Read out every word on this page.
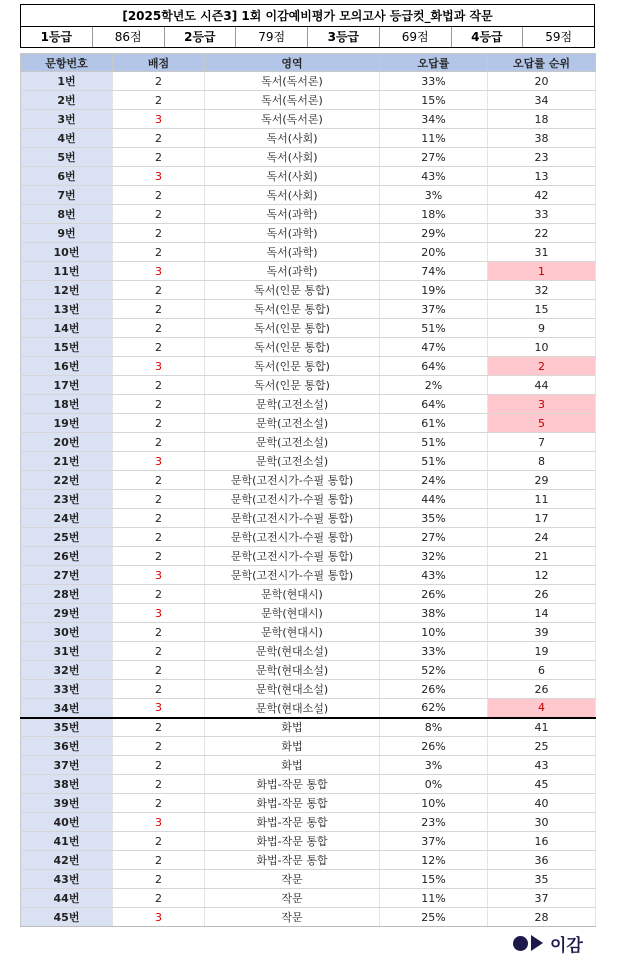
[2025학년도 시즌3] 1회 이감예비평가 모의고사 등급컷_화법과 작문
1등급	86점	2등급	79점	3등급	69점	4등급	59점
문항번호	배점	영역	오답률	오답률 순위
1번	2	독서(독서론)	33%	20
2번	2	독서(독서론)	15%	34
3번	3	독서(독서론)	34%	18
4번	2	독서(사회)	11%	38
5번	2	독서(사회)	27%	23
6번	3	독서(사회)	43%	13
7번	2	독서(사회)	3%	42
8번	2	독서(과학)	18%	33
9번	2	독서(과학)	29%	22
10번	2	독서(과학)	20%	31
11번	3	독서(과학)	74%	1
12번	2	독서(인문 통합)	19%	32
13번	2	독서(인문 통합)	37%	15
14번	2	독서(인문 통합)	51%	9
15번	2	독서(인문 통합)	47%	10
16번	3	독서(인문 통합)	64%	2
17번	2	독서(인문 통합)	2%	44
18번	2	문학(고전소설)	64%	3
19번	2	문학(고전소설)	61%	5
20번	2	문학(고전소설)	51%	7
21번	3	문학(고전소설)	51%	8
22번	2	문학(고전시가-수필 통합)	24%	29
23번	2	문학(고전시가-수필 통합)	44%	11
24번	2	문학(고전시가-수필 통합)	35%	17
25번	2	문학(고전시가-수필 통합)	27%	24
26번	2	문학(고전시가-수필 통합)	32%	21
27번	3	문학(고전시가-수필 통합)	43%	12
28번	2	문학(현대시)	26%	26
29번	3	문학(현대시)	38%	14
30번	2	문학(현대시)	10%	39
31번	2	문학(현대소설)	33%	19
32번	2	문학(현대소설)	52%	6
33번	2	문학(현대소설)	26%	26
34번	3	문학(현대소설)	62%	4
35번	2	화법	8%	41
36번	2	화법	26%	25
37번	2	화법	3%	43
38번	2	화법-작문 통합	0%	45
39번	2	화법-작문 통합	10%	40
40번	3	화법-작문 통합	23%	30
41번	2	화법-작문 통합	37%	16
42번	2	화법-작문 통합	12%	36
43번	2	작문	15%	35
44번	2	작문	11%	37
45번	3	작문	25%	28
이감
